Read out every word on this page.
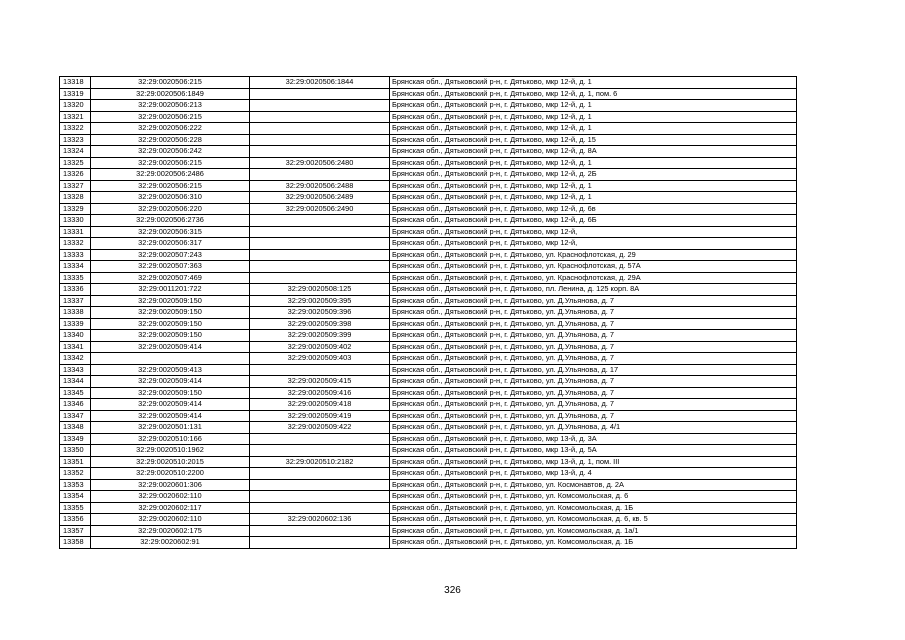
13318	32:29:0020506:215	32:29:0020506:1844	Брянская обл., Дятьковский р-н, г. Дятьково, мкр 12-й, д. 1
13319	32:29:0020506:1849		Брянская обл., Дятьковский р-н, г. Дятьково, мкр 12-й, д. 1, пом. 6
13320	32:29:0020506:213		Брянская обл., Дятьковский р-н, г. Дятьково, мкр 12-й, д. 1
13321	32:29:0020506:215		Брянская обл., Дятьковский р-н, г. Дятьково, мкр 12-й, д. 1
13322	32:29:0020506:222		Брянская обл., Дятьковский р-н, г. Дятьково, мкр 12-й, д. 1
13323	32:29:0020506:228		Брянская обл., Дятьковский р-н, г. Дятьково, мкр 12-й, д. 15
13324	32:29:0020506:242		Брянская обл., Дятьковский р-н, г. Дятьково, мкр 12-й, д. 8А
13325	32:29:0020506:215	32:29:0020506:2480	Брянская обл., Дятьковский р-н, г. Дятьково, мкр 12-й, д. 1
13326	32:29:0020506:2486		Брянская обл., Дятьковский р-н, г. Дятьково, мкр 12-й, д. 2Б
13327	32:29:0020506:215	32:29:0020506:2488	Брянская обл., Дятьковский р-н, г. Дятьково, мкр 12-й, д. 1
13328	32:29:0020506:310	32:29:0020506:2489	Брянская обл., Дятьковский р-н, г. Дятьково, мкр 12-й, д. 1
13329	32:29:0020506:220	32:29:0020506:2490	Брянская обл., Дятьковский р-н, г. Дятьково, мкр 12-й, д. 6в
13330	32:29:0020506:2736		Брянская обл., Дятьковский р-н, г. Дятьково, мкр 12-й, д. 6Б
13331	32:29:0020506:315		Брянская обл., Дятьковский р-н, г. Дятьково, мкр 12-й,
13332	32:29:0020506:317		Брянская обл., Дятьковский р-н, г. Дятьково, мкр 12-й,
13333	32:29:0020507:243		Брянская обл., Дятьковский р-н, г. Дятьково, ул. Краснофлотская, д. 29
13334	32:29:0020507:363		Брянская обл., Дятьковский р-н, г. Дятьково, ул. Краснофлотская, д. 57А
13335	32:29:0020507:469		Брянская обл., Дятьковский р-н, г. Дятьково, ул. Краснофлотская, д. 29А
13336	32:29:0011201:722	32:29:0020508:125	Брянская обл., Дятьковский р-н, г. Дятьково, пл. Ленина, д. 125 корп. 8А
13337	32:29:0020509:150	32:29:0020509:395	Брянская обл., Дятьковский р-н, г. Дятьково, ул. Д.Ульянова, д. 7
13338	32:29:0020509:150	32:29:0020509:396	Брянская обл., Дятьковский р-н, г. Дятьково, ул. Д.Ульянова, д. 7
13339	32:29:0020509:150	32:29:0020509:398	Брянская обл., Дятьковский р-н, г. Дятьково, ул. Д.Ульянова, д. 7
13340	32:29:0020509:150	32:29:0020509:399	Брянская обл., Дятьковский р-н, г. Дятьково, ул. Д.Ульянова, д. 7
13341	32:29:0020509:414	32:29:0020509:402	Брянская обл., Дятьковский р-н, г. Дятьково, ул. Д.Ульянова, д. 7
13342		32:29:0020509:403	Брянская обл., Дятьковский р-н, г. Дятьково, ул. Д.Ульянова, д. 7
13343	32:29:0020509:413		Брянская обл., Дятьковский р-н, г. Дятьково, ул. Д.Ульянова, д. 17
13344	32:29:0020509:414	32:29:0020509:415	Брянская обл., Дятьковский р-н, г. Дятьково, ул. Д.Ульянова, д. 7
13345	32:29:0020509:150	32:29:0020509:416	Брянская обл., Дятьковский р-н, г. Дятьково, ул. Д.Ульянова, д. 7
13346	32:29:0020509:414	32:29:0020509:418	Брянская обл., Дятьковский р-н, г. Дятьково, ул. Д.Ульянова, д. 7
13347	32:29:0020509:414	32:29:0020509:419	Брянская обл., Дятьковский р-н, г. Дятьково, ул. Д.Ульянова, д. 7
13348	32:29:0020501:131	32:29:0020509:422	Брянская обл., Дятьковский р-н, г. Дятьково, ул. Д.Ульянова, д. 4/1
13349	32:29:0020510:166		Брянская обл., Дятьковский р-н, г. Дятьково, мкр 13-й, д. 3А
13350	32:29:0020510:1962		Брянская обл., Дятьковский р-н, г. Дятьково, мкр 13-й, д. 5А
13351	32:29:0020510:2015	32:29:0020510:2182	Брянская обл., Дятьковский р-н, г. Дятьково, мкр 13-й, д. 1, пом. III
13352	32:29:0020510:2200		Брянская обл., Дятьковский р-н, г. Дятьково, мкр 13-й, д. 4
13353	32:29:0020601:306		Брянская обл., Дятьковский р-н, г. Дятьково, ул. Космонавтов, д. 2А
13354	32:29:0020602:110		Брянская обл., Дятьковский р-н, г. Дятьково, ул. Комсомольская, д. 6
13355	32:29:0020602:117		Брянская обл., Дятьковский р-н, г. Дятьково, ул. Комсомольская, д. 1Б
13356	32:29:0020602:110	32:29:0020602:136	Брянская обл., Дятьковский р-н, г. Дятьково, ул. Комсомольская, д. 6, кв. 5
13357	32:29:0020602:175		Брянская обл., Дятьковский р-н, г. Дятьково, ул. Комсомольская, д. 1а/1
13358	32:29:0020602:91		Брянская обл., Дятьковский р-н, г. Дятьково, ул. Комсомольская, д. 1Б
326
